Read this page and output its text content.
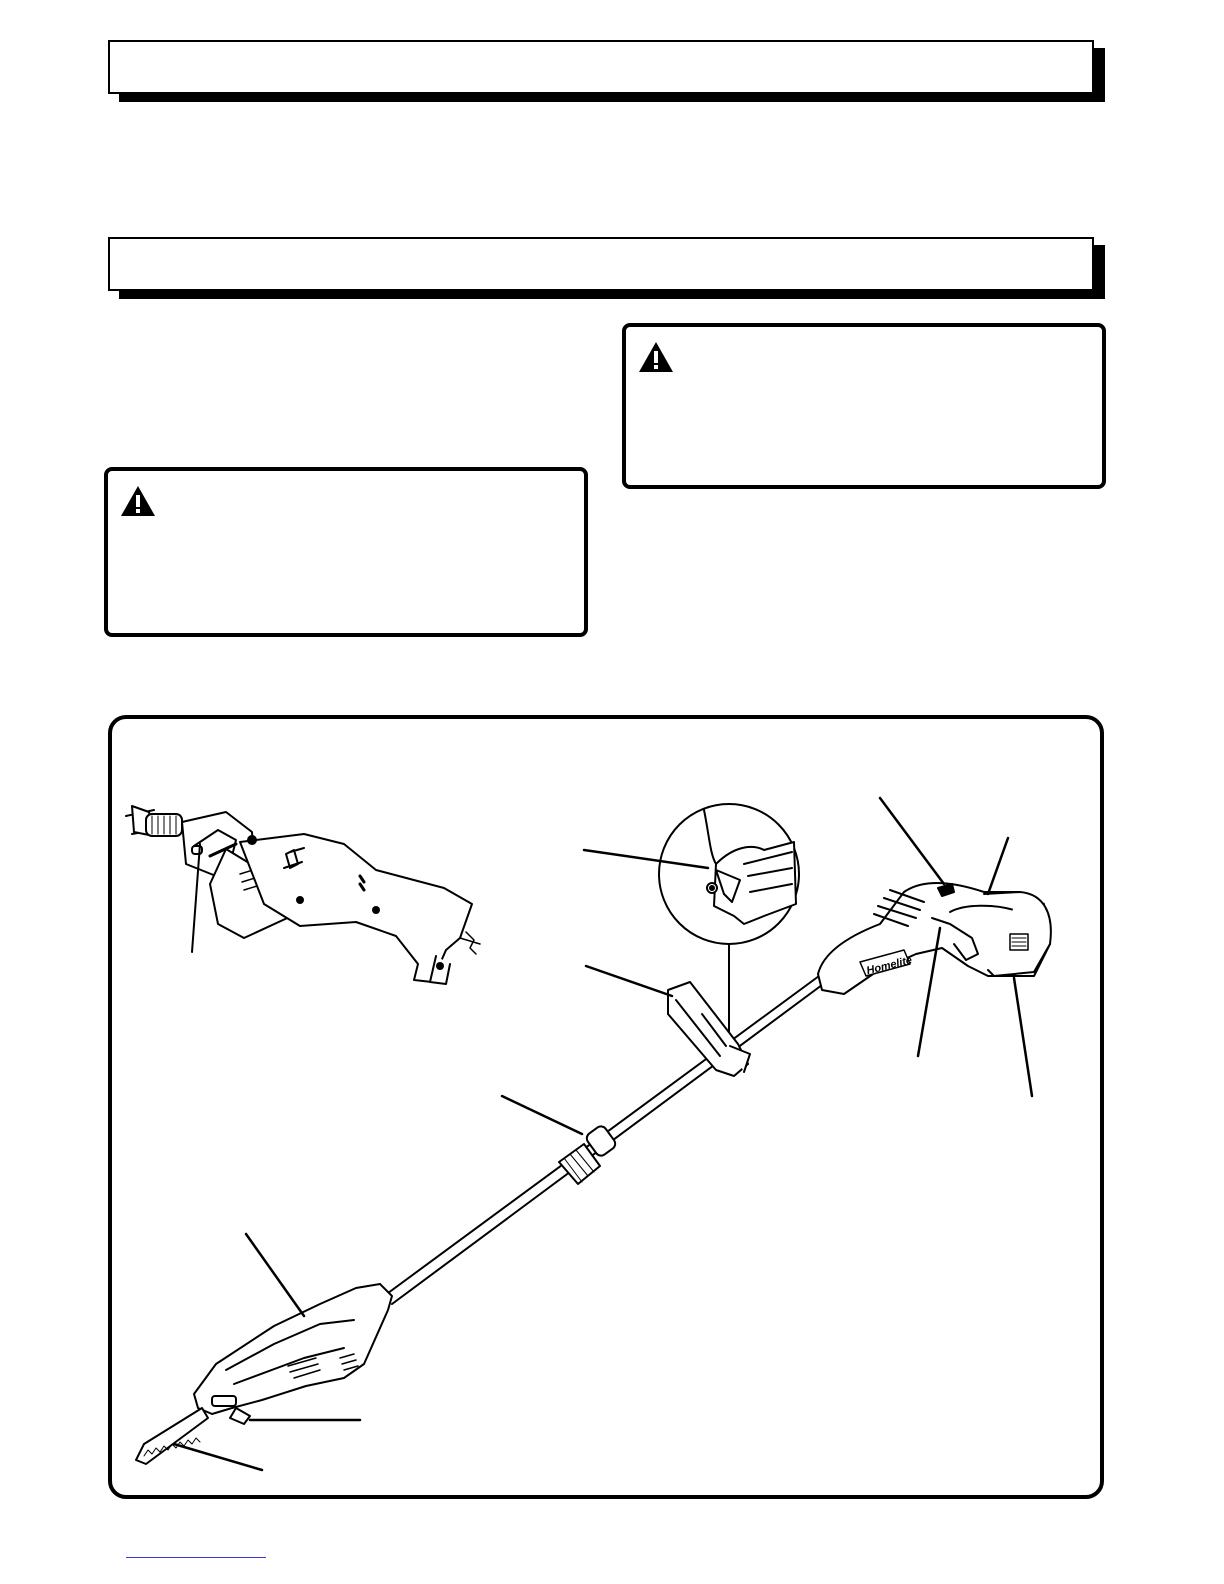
Homelite
